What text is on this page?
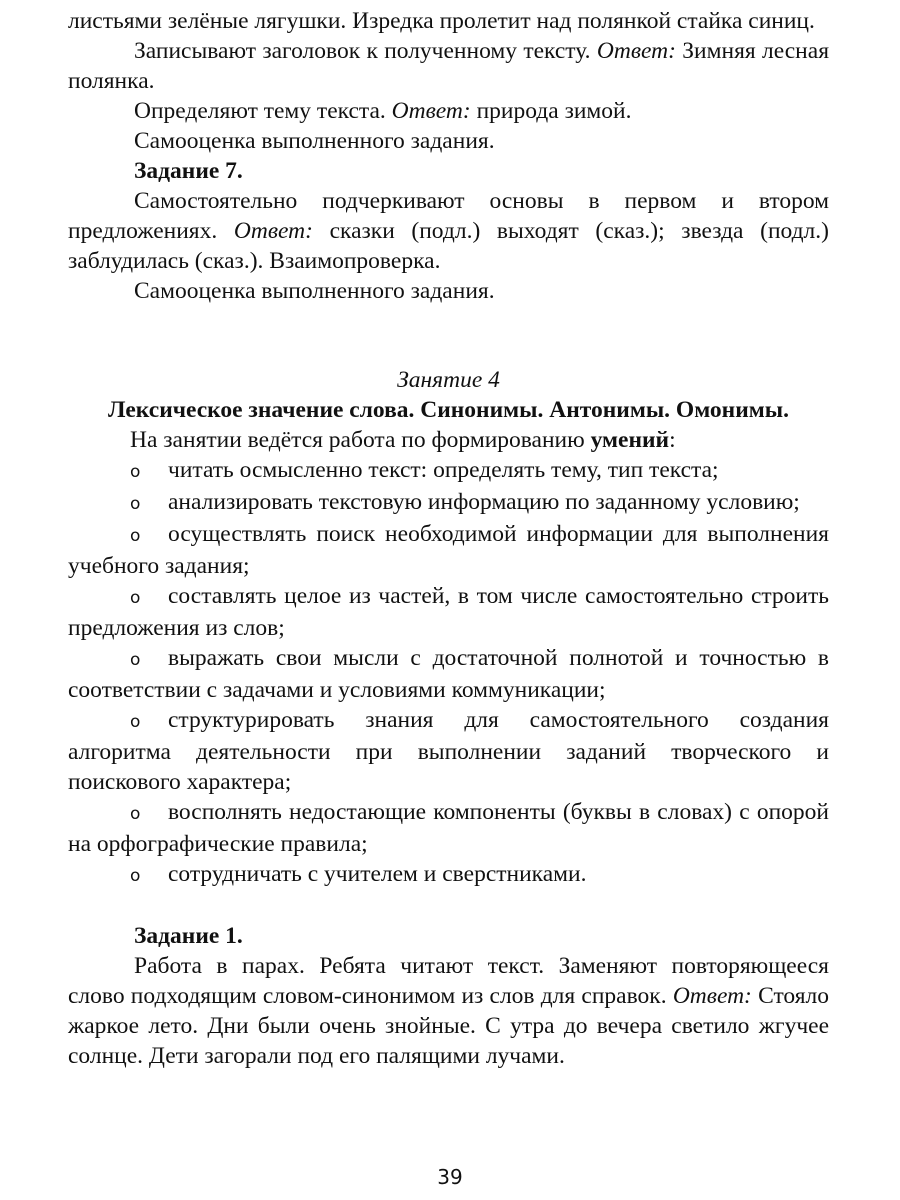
листьями зелёные лягушки. Изредка пролетит над полянкой стайка синиц.

Записывают заголовок к полученному тексту. Ответ: Зимняя лесная полянка.

Определяют тему текста. Ответ: природа зимой.

Самооценка выполненного задания.

Задание 7.

Самостоятельно подчеркивают основы в первом и втором предложениях. Ответ: сказки (подл.) выходят (сказ.); звезда (подл.) заблудилась (сказ.). Взаимопроверка.

Самооценка выполненного задания.

Занятие 4

Лексическое значение слова. Синонимы. Антонимы. Омонимы.

На занятии ведётся работа по формированию умений:

o читать осмысленно текст: определять тему, тип текста;

o анализировать текстовую информацию по заданному условию;

o осуществлять поиск необходимой информации для выполнения учебного задания;

o составлять целое из частей, в том числе самостоятельно строить предложения из слов;

o выражать свои мысли с достаточной полнотой и точностью в соответствии с задачами и условиями коммуникации;

o структурировать знания для самостоятельного создания алгоритма деятельности при выполнении заданий творческого и поискового характера;

o восполнять недостающие компоненты (буквы в словах) с опорой на орфографические правила;

o сотрудничать с учителем и сверстниками.

Задание 1.

Работа в парах. Ребята читают текст. Заменяют повторяющееся слово подходящим словом-синонимом из слов для справок. Ответ: Стояло жаркое лето. Дни были очень знойные. С утра до вечера светило жгучее солнце. Дети загорали под его палящими лучами.

39
